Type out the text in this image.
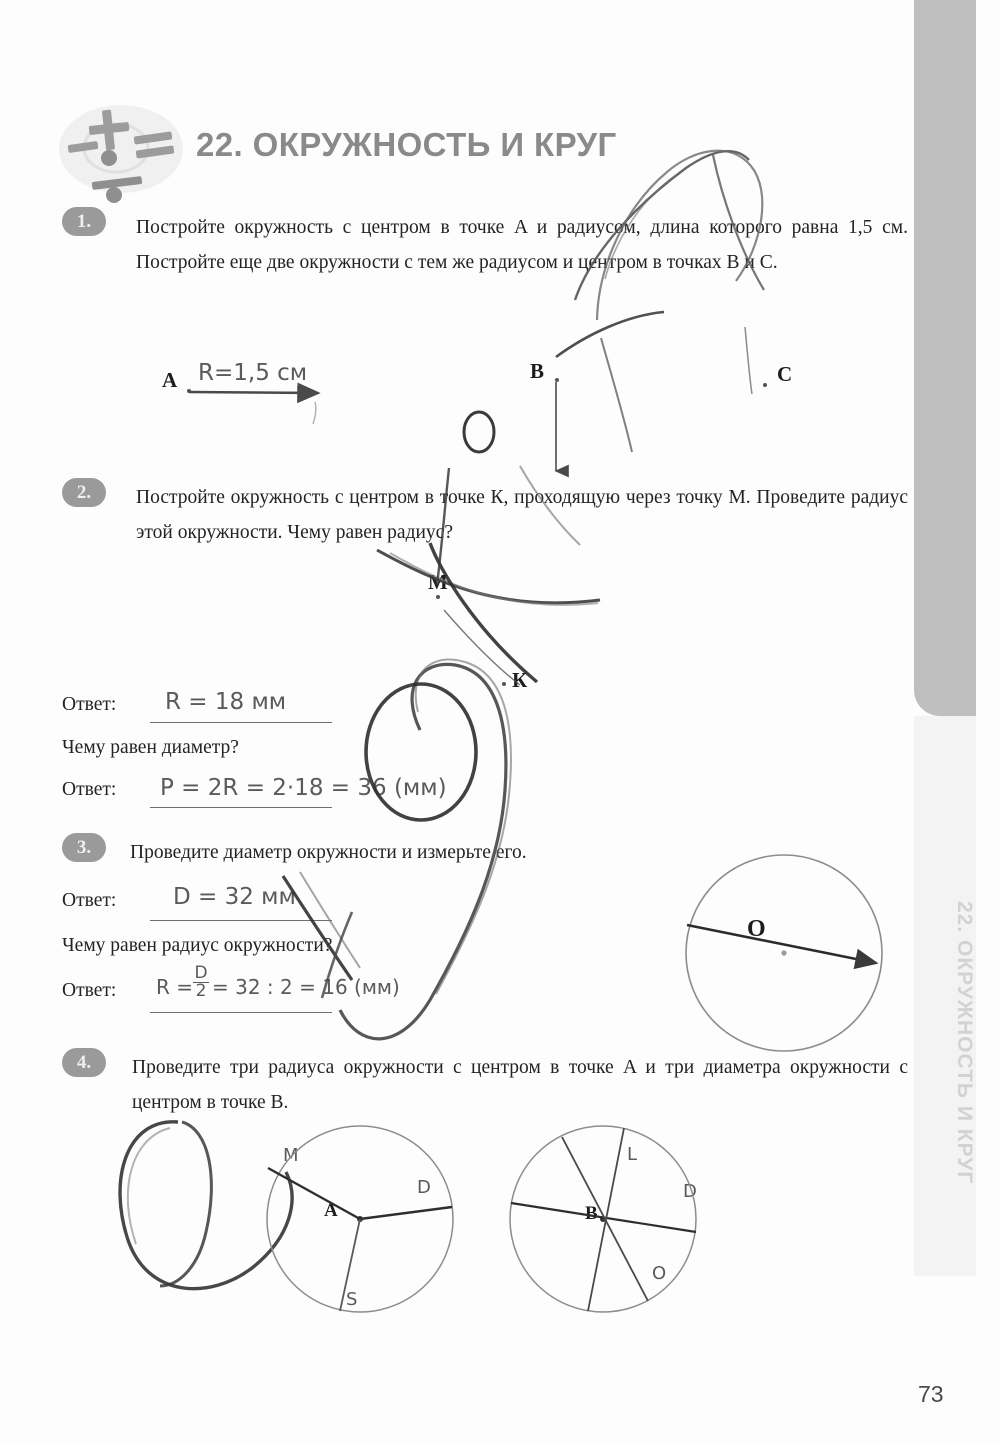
22. ОКРУЖНОСТЬ И КРУГ
22. ОКРУЖНОСТЬ И КРУГ
1.	Постройте окружность с центром в точке A и радиусом, длина которого равна 1,5 см. Постройте еще две окружности с тем же радиусом и центром в точках B и C.
A	B	C
R=1,5 см
2.	Постройте окружность с центром в точке К, проходящую через точку M. Проведите радиус этой окружности. Чему равен радиус?
M
К
Ответ: R = 18 мм
Чему равен диаметр?
Ответ: P = 2R = 2·18 = 36 (мм)
3.	Проведите диаметр окружности и измерьте его.
Ответ: D = 32 мм
Чему равен радиус окружности?
Ответ: R =
D
2 = 32 : 2 = 16 (мм)
O
4.	Проведите три радиуса окружности с центром в точке A и три диаметра окружности с центром в точке B.
A
M
D
S
B
L
D
O
73
